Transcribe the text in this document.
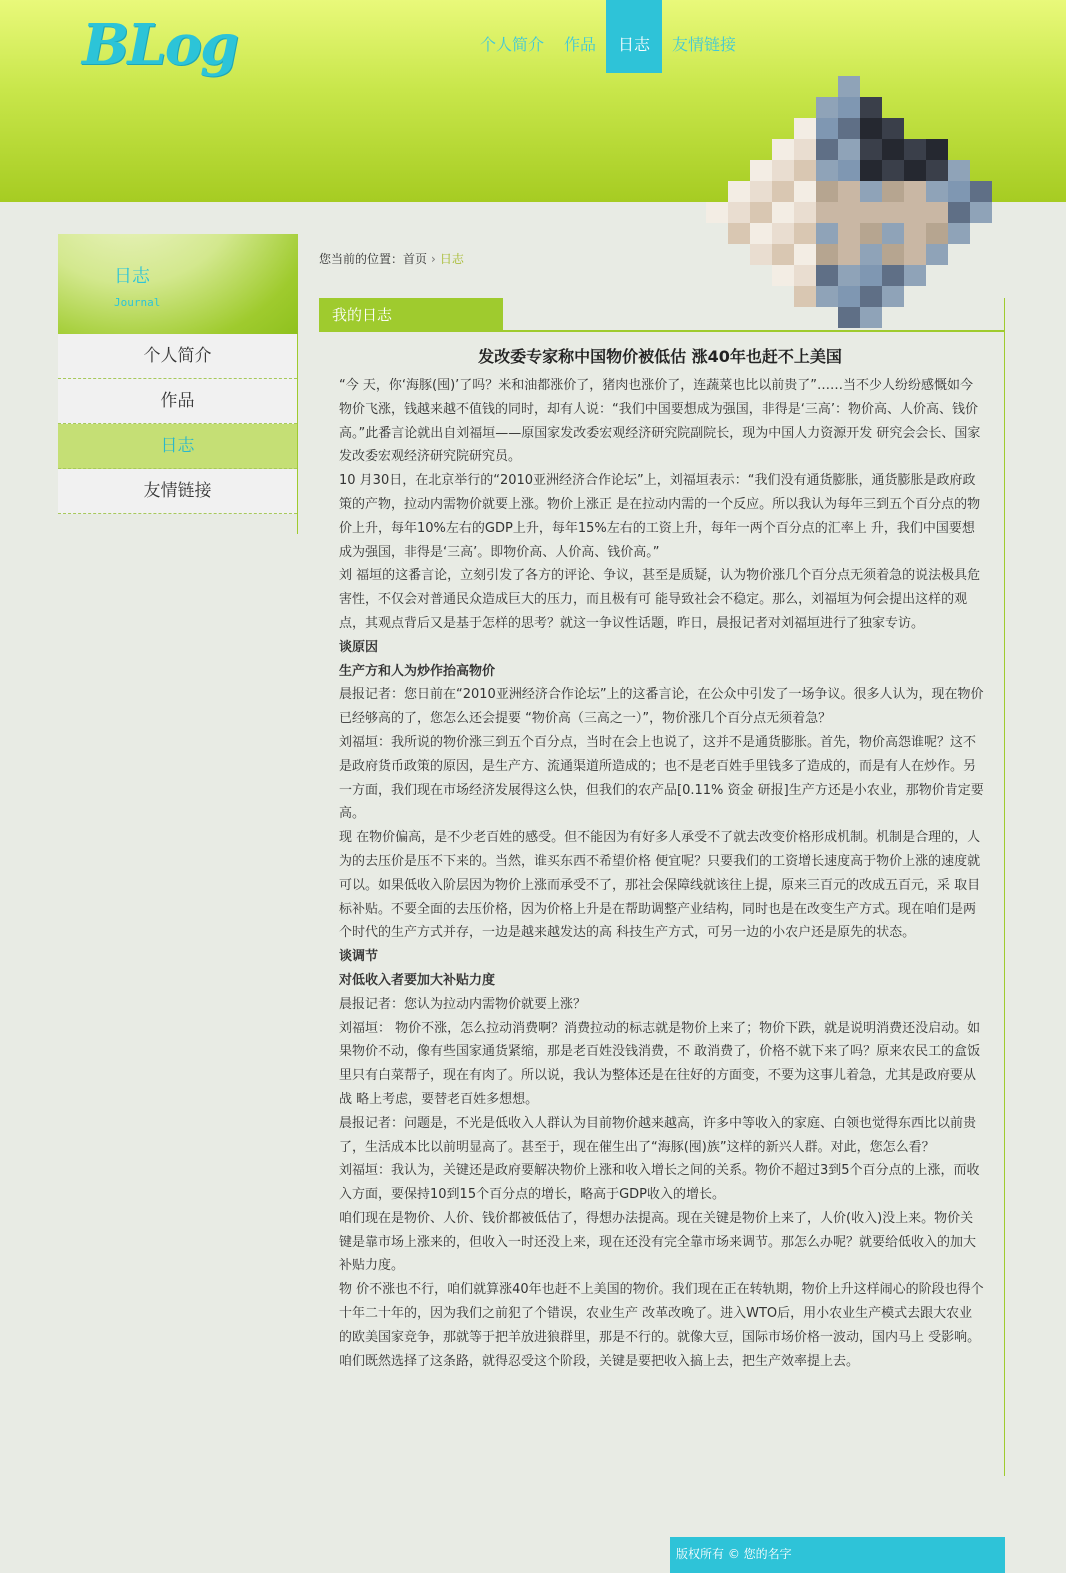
BLog	个人简介	作品	日志	友情链接
日志
Journal
个人简介
作品
日志
友情链接
您当前的位置：首页 › 日志
我的日志
发改委专家称中国物价被低估 涨40年也赶不上美国

“今 天，你‘海豚(囤)’了吗？米和油都涨价了，猪肉也涨价了，连蔬菜也比以前贵了”……当不少人纷纷感慨如今物价飞涨，钱越来越不值钱的同时，却有人说：“我们中国要想成为强国，非得是‘三高’：物价高、人价高、钱价高。”此番言论就出自刘福垣——原国家发改委宏观经济研究院副院长，现为中国人力资源开发 研究会会长、国家发改委宏观经济研究院研究员。

10 月30日，在北京举行的“2010亚洲经济合作论坛”上，刘福垣表示：“我们没有通货膨胀，通货膨胀是政府政策的产物，拉动内需物价就要上涨。物价上涨正 是在拉动内需的一个反应。所以我认为每年三到五个百分点的物价上升，每年10%左右的GDP上升，每年15%左右的工资上升，每年一两个百分点的汇率上 升，我们中国要想成为强国，非得是‘三高’。即物价高、人价高、钱价高。”

刘 福垣的这番言论，立刻引发了各方的评论、争议，甚至是质疑，认为物价涨几个百分点无须着急的说法极具危害性，不仅会对普通民众造成巨大的压力，而且极有可 能导致社会不稳定。那么，刘福垣为何会提出这样的观点，其观点背后又是基于怎样的思考？就这一争议性话题，昨日，晨报记者对刘福垣进行了独家专访。

谈原因

生产方和人为炒作抬高物价

晨报记者：您日前在“2010亚洲经济合作论坛”上的这番言论，在公众中引发了一场争议。很多人认为，现在物价已经够高的了，您怎么还会提要 “物价高（三高之一）”，物价涨几个百分点无须着急？

刘福垣：我所说的物价涨三到五个百分点，当时在会上也说了，这并不是通货膨胀。首先，物价高怨谁呢？这不是政府货币政策的原因，是生产方、流通渠道所造成的；也不是老百姓手里钱多了造成的，而是有人在炒作。另一方面，我们现在市场经济发展得这么快，但我们的农产品[0.11% 资金 研报]生产方还是小农业，那物价肯定要高。

现 在物价偏高，是不少老百姓的感受。但不能因为有好多人承受不了就去改变价格形成机制。机制是合理的，人为的去压价是压不下来的。当然，谁买东西不希望价格 便宜呢？只要我们的工资增长速度高于物价上涨的速度就可以。如果低收入阶层因为物价上涨而承受不了，那社会保障线就该往上提，原来三百元的改成五百元，采 取目标补贴。不要全面的去压价格，因为价格上升是在帮助调整产业结构，同时也是在改变生产方式。现在咱们是两个时代的生产方式并存，一边是越来越发达的高 科技生产方式，可另一边的小农户还是原先的状态。

谈调节

对低收入者要加大补贴力度

晨报记者：您认为拉动内需物价就要上涨？

刘福垣： 物价不涨，怎么拉动消费啊？消费拉动的标志就是物价上来了；物价下跌，就是说明消费还没启动。如果物价不动，像有些国家通货紧缩，那是老百姓没钱消费，不 敢消费了，价格不就下来了吗？原来农民工的盒饭里只有白菜帮子，现在有肉了。所以说，我认为整体还是在往好的方面变，不要为这事儿着急，尤其是政府要从战 略上考虑，要替老百姓多想想。

晨报记者：问题是，不光是低收入人群认为目前物价越来越高，许多中等收入的家庭、白领也觉得东西比以前贵了，生活成本比以前明显高了。甚至于，现在催生出了“海豚(囤)族”这样的新兴人群。对此，您怎么看？

刘福垣：我认为，关键还是政府要解决物价上涨和收入增长之间的关系。物价不超过3到5个百分点的上涨，而收入方面，要保持10到15个百分点的增长，略高于GDP收入的增长。

咱们现在是物价、人价、钱价都被低估了，得想办法提高。现在关键是物价上来了，人价(收入)没上来。物价关键是靠市场上涨来的，但收入一时还没上来，现在还没有完全靠市场来调节。那怎么办呢？就要给低收入的加大补贴力度。

物 价不涨也不行，咱们就算涨40年也赶不上美国的物价。我们现在正在转轨期，物价上升这样闹心的阶段也得个十年二十年的，因为我们之前犯了个错误，农业生产 改革改晚了。进入WTO后，用小农业生产模式去跟大农业的欧美国家竞争，那就等于把羊放进狼群里，那是不行的。就像大豆，国际市场价格一波动，国内马上 受影响。咱们既然选择了这条路，就得忍受这个阶段，关键是要把收入搞上去，把生产效率提上去。

版权所有 © 您的名字
